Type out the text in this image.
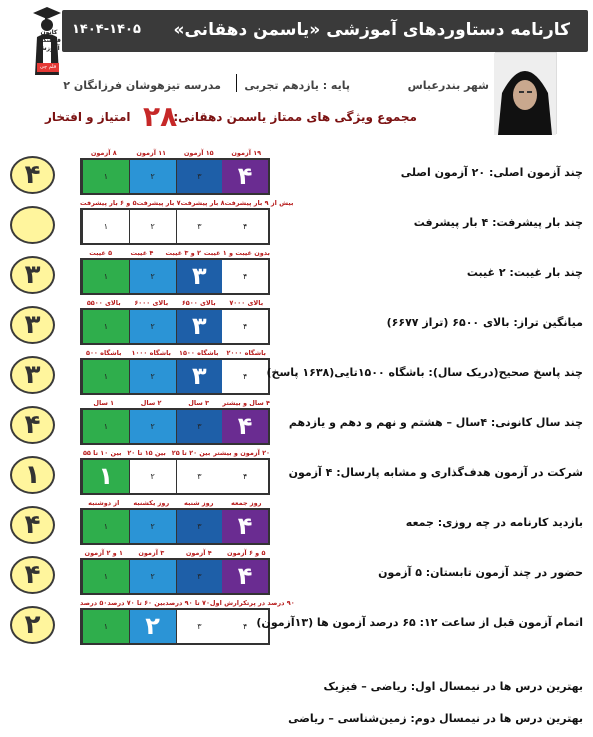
کارنامه دستاوردهای آموزشی «یاسمن دهقانی»
۱۴۰۴-۱۴۰۵
کانون فرهنگی آموزش
قلم چی
شهر بندرعباس
پایه : یازدهم تجربی
مدرسه تیزهوشان فرزانگان ۲
مجموع ویژگی های ممتاز یاسمن دهقانی:
۲۸
امتیاز و افتخار
۸ آزمون	۱۱ آزمون	۱۵ آزمون	۱۹ آزمون
۱	۲	۳	۴
۴	چند آزمون اصلی: ۲۰ آزمون اصلی
۵ و ۶ بار پیشرفت ۷ بار پیشرفت ۸ بار پیشرفت بیش از ۹ بار پیشرفت
۱	۲	۳	۴	چند بار پیشرفت: ۴ بار پیشرفت
۵ غیبت	۴ غیبت	۲ و ۳ غیبت بدون غیبت و ۱ غیبت
۱	۲	۳	۴
۳	چند بار غیبت: ۲ غیبت
بالای ۵۵۰۰	بالای ۶۰۰۰	بالای ۶۵۰۰	بالای ۷۰۰۰
۱	۲	۳	۴
۳	میانگین تراز: بالای ۶۵۰۰ (تراز ۶۶۷۷)
باشگاه ۵۰۰	باشگاه ۱۰۰۰	باشگاه ۱۵۰۰	باشگاه ۲۰۰۰
۱	۲	۳	۴
۳	چند پاسخ صحیح(دریک سال): باشگاه ۱۵۰۰تایی(۱۶۳۸ پاسخ)
۱ سال	۲ سال	۳ سال	۴ سال و بیشتر
۱	۲	۳	۴
۴	چند سال کانونی: ۴سال – هشتم و نهم و دهم و یازدهم
بین ۱۰ تا ۵۵ بین ۱۵ تا ۲۰ بین ۲۰ تا ۲۵ ۲۰ آزمون و بیشتر
۱	۲	۳	۴
۱	شرکت در آزمون هدف‌گذاری و مشابه پارسال: ۴ آزمون
از دوشنبه	روز یکشنبه	روز شنبه	روز جمعه
۱	۲	۳	۴
۴	بازدید کارنامه در چه روزی: جمعه
۱ و ۲ آزمون	۳ آزمون	۴ آزمون	۵ و ۶ آزمون
۱	۲	۳	۴
۴	حضور در چند آزمون تابستان: ۵ آزمون
۵۰ درصد بین ۶۰ تا ۷۰ درصد ۷۰ تا ۹۰ درصد ۹۰ درصد در پرتکرارش اول
۱	۲	۳	۴
۲	اتمام آزمون قبل از ساعت ۱۲: ۶۵ درصد آزمون ها (۱۳آزمون)
بهترین درس ها در نیمسال اول: ریاضی – فیزیک
بهترین درس ها در نیمسال دوم: زمین‌شناسی – ریاضی
